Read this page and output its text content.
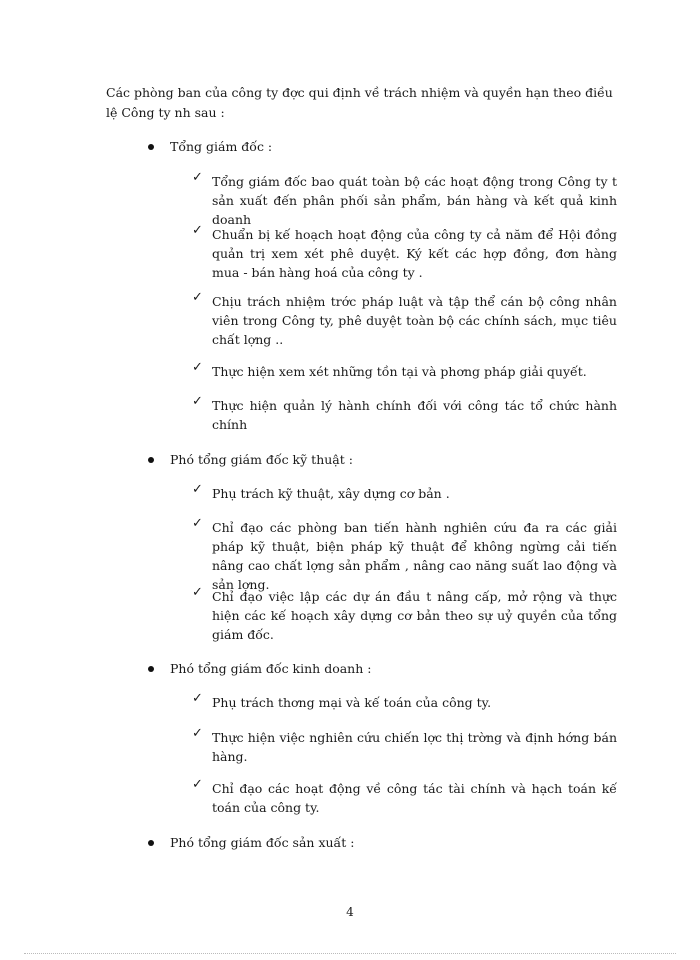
Các phòng ban của công ty đợc qui định về trách nhiệm và quyền hạn theo điều lệ Công ty nh sau :
Tổng giám đốc :
✓ Tổng giám đốc bao quát toàn bộ các hoạt động trong Công ty t sản xuất đến phân phối sản phẩm, bán hàng và kết quả kinh doanh
✓ Chuẩn bị kế hoạch hoạt động của công ty cả năm để Hội đồng quản trị xem xét phê duyệt. Ký kết các hợp đồng, đơn hàng mua - bán hàng hoá của công ty .
✓ Chịu trách nhiệm trớc pháp luật và tập thể cán bộ công nhân viên trong Công ty, phê duyệt toàn bộ các chính sách, mục tiêu chất lợng ..
✓ Thực hiện xem xét những tồn tại và phơng pháp giải quyết.
✓ Thực hiện quản lý hành chính đối với công tác tổ chức hành chính
Phó tổng giám đốc kỹ thuật :
✓ Phụ trách kỹ thuật, xây dựng cơ bản .
✓ Chỉ đạo các phòng ban tiến hành nghiên cứu đa ra các giải pháp kỹ thuật, biện pháp kỹ thuật để không ngừng cải tiến nâng cao chất lợng sản phẩm , nâng cao năng suất lao động và sản lợng.
✓ Chỉ đạo việc lập các dự án đầu t nâng cấp, mở rộng và thực hiện các kế hoạch xây dựng cơ bản theo sự uỷ quyền của tổng giám đốc.
Phó tổng giám đốc kinh doanh :
✓ Phụ trách thơng mại và kế toán của công ty.
✓ Thực hiện việc nghiên cứu chiến lợc thị trờng và định hớng bán hàng.
✓ Chỉ đạo các hoạt động về công tác tài chính và hạch toán kế toán của công ty.
Phó tổng giám đốc sản xuất :
4
